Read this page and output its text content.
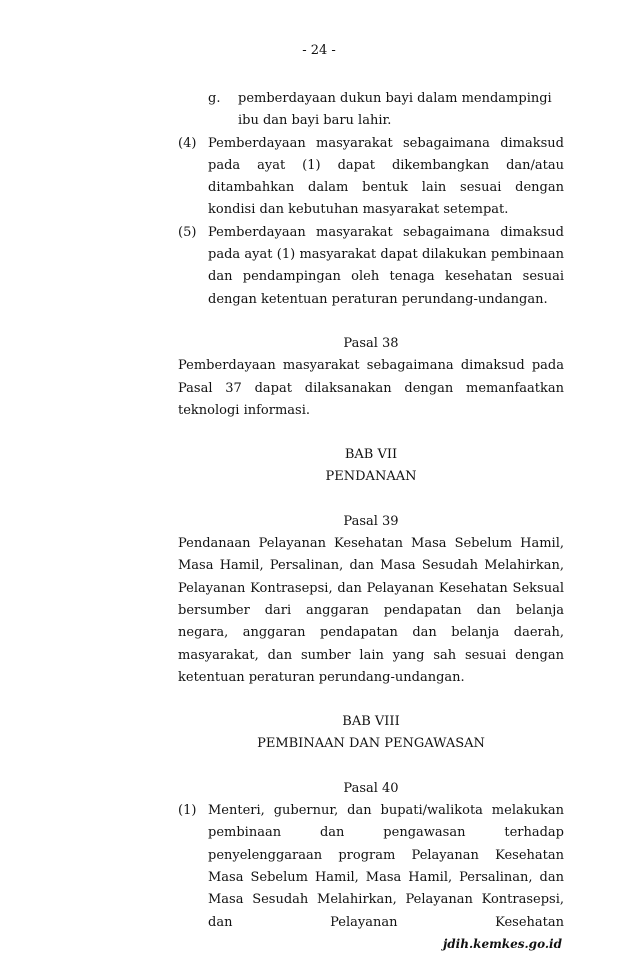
- 24 -
g.	pemberdayaan dukun bayi dalam mendampingi ibu dan bayi baru lahir.
(4) Pemberdayaan masyarakat sebagaimana dimaksud pada ayat (1) dapat dikembangkan dan/atau ditambahkan dalam bentuk lain sesuai dengan kondisi dan kebutuhan masyarakat setempat.
(5) Pemberdayaan masyarakat sebagaimana dimaksud pada ayat (1) masyarakat dapat dilakukan pembinaan dan pendampingan oleh tenaga kesehatan sesuai dengan ketentuan peraturan perundang-undangan.
Pasal 38

Pemberdayaan masyarakat sebagaimana dimaksud pada Pasal 37 dapat dilaksanakan dengan memanfaatkan teknologi informasi.

BAB VII
PENDANAAN
Pasal 39

Pendanaan Pelayanan Kesehatan Masa Sebelum Hamil, Masa Hamil, Persalinan, dan Masa Sesudah Melahirkan, Pelayanan Kontrasepsi, dan Pelayanan Kesehatan Seksual bersumber dari anggaran pendapatan dan belanja negara, anggaran pendapatan dan belanja daerah, masyarakat, dan sumber lain yang sah sesuai dengan ketentuan peraturan perundang-undangan.

BAB VIII
PEMBINAAN DAN PENGAWASAN
Pasal 40
(1) Menteri, gubernur, dan bupati/walikota melakukan pembinaan dan pengawasan terhadap penyelenggaraan program Pelayanan Kesehatan Masa Sebelum Hamil, Masa Hamil, Persalinan, dan Masa Sesudah Melahirkan, Pelayanan Kontrasepsi, dan Pelayanan Kesehatan
jdih.kemkes.go.id
